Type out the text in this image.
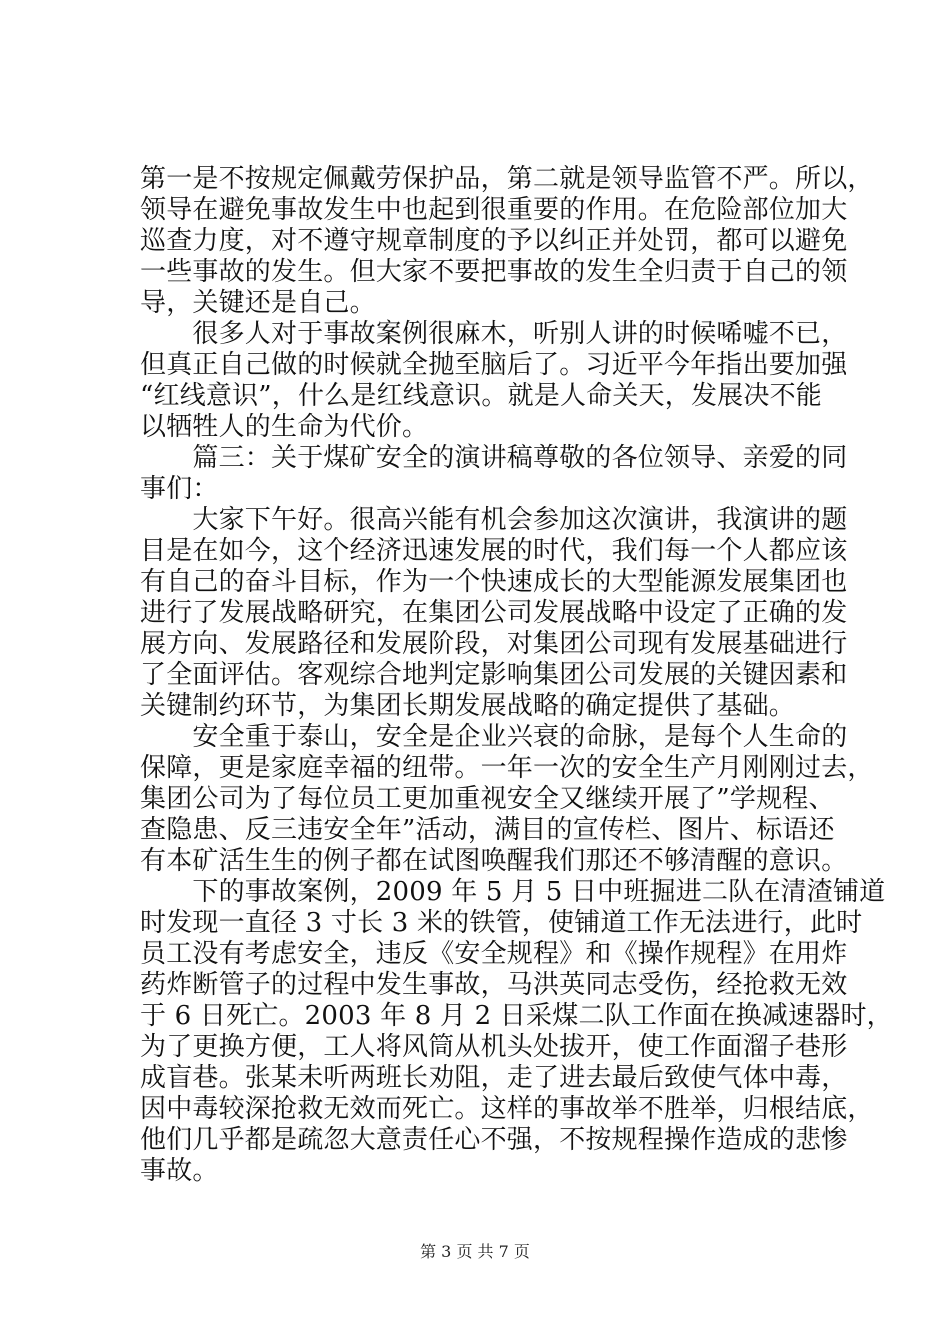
第一是不按规定佩戴劳保护品，第二就是领导监管不严。所以，
领导在避免事故发生中也起到很重要的作用。在危险部位加大
巡查力度，对不遵守规章制度的予以纠正并处罚，都可以避免
一些事故的发生。但大家不要把事故的发生全归责于自己的领
导，关键还是自己。
　　很多人对于事故案例很麻木，听别人讲的时候唏嘘不已，
但真正自己做的时候就全抛至脑后了。习近平今年指出要加强
“红线意识”，什么是红线意识。就是人命关天，发展决不能
以牺牲人的生命为代价。
　　篇三：关于煤矿安全的演讲稿尊敬的各位领导、亲爱的同
事们：
　　大家下午好。很高兴能有机会参加这次演讲，我演讲的题
目是在如今，这个经济迅速发展的时代，我们每一个人都应该
有自己的奋斗目标，作为一个快速成长的大型能源发展集团也
进行了发展战略研究，在集团公司发展战略中设定了正确的发
展方向、发展路径和发展阶段，对集团公司现有发展基础进行
了全面评估。客观综合地判定影响集团公司发展的关键因素和
关键制约环节，为集团长期发展战略的确定提供了基础。
　　安全重于泰山，安全是企业兴衰的命脉，是每个人生命的
保障，更是家庭幸福的纽带。一年一次的安全生产月刚刚过去，
集团公司为了每位员工更加重视安全又继续开展了”学规程、
查隐患、反三违安全年”活动，满目的宣传栏、图片、标语还
有本矿活生生的例子都在试图唤醒我们那还不够清醒的意识。
　　下的事故案例，2009 年 5 月 5 日中班掘进二队在清渣铺道
时发现一直径 3 寸长 3 米的铁管，使铺道工作无法进行，此时
员工没有考虑安全，违反《安全规程》和《操作规程》在用炸
药炸断管子的过程中发生事故，马洪英同志受伤，经抢救无效
于 6 日死亡。2003 年 8 月 2 日采煤二队工作面在换减速器时，
为了更换方便，工人将风筒从机头处拔开，使工作面溜子巷形
成盲巷。张某未听两班长劝阻，走了进去最后致使气体中毒，
因中毒较深抢救无效而死亡。这样的事故举不胜举，归根结底，
他们几乎都是疏忽大意责任心不强，不按规程操作造成的悲惨
事故。
第 3 页 共 7 页
